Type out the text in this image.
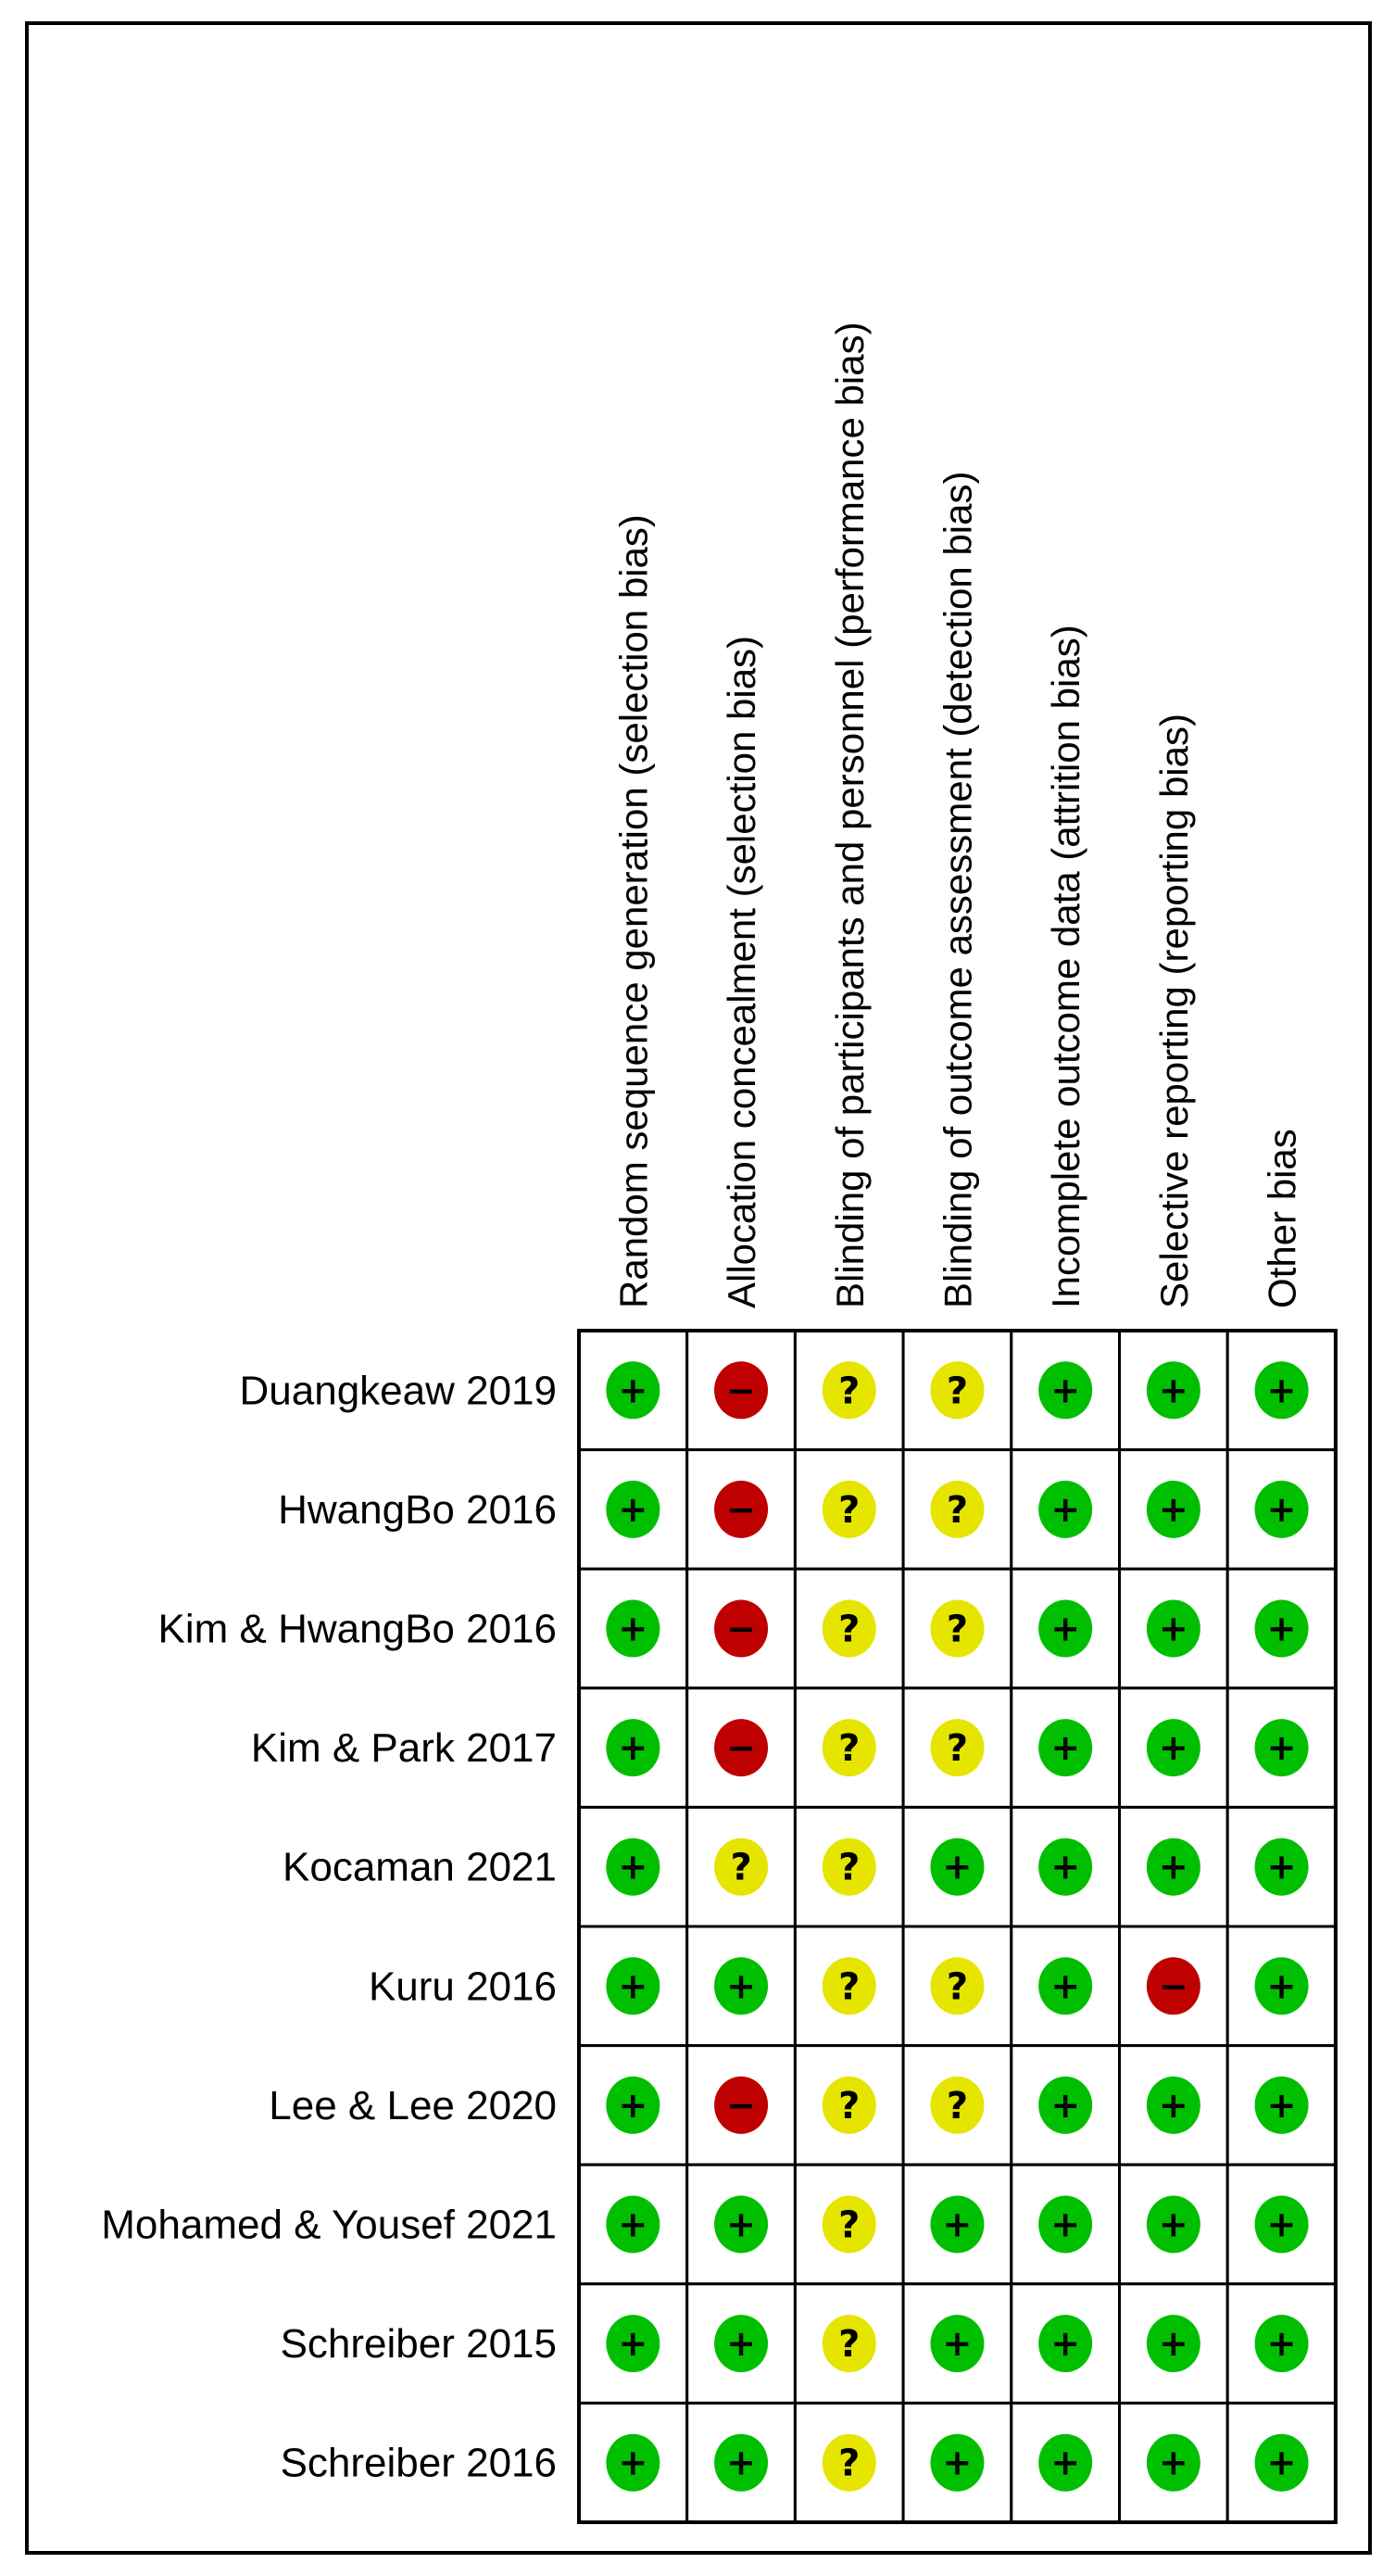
Random sequence generation (selection bias) Allocation concealment (selection bias) Blinding of participants and personnel (performance bias) Blinding of outcome assessment (detection bias) Incomplete outcome data (attrition bias) Selective reporting (reporting bias) Other bias
Duangkeaw 2019
HwangBo 2016
Kim & HwangBo 2016
Kim & Park 2017
Kocaman 2021
Kuru 2016
Lee & Lee 2020
Mohamed & Yousef 2021
Schreiber 2015
Schreiber 2016
+ − ? ? + + +
+ − ? ? + + +
+ − ? ? + + +
+ − ? ? + + +
+ ? ? + + + +
+ + ? ? + − +
+ − ? ? + + +
+ + ? + + + +
+ + ? + + + +
+ + ? + + + +
